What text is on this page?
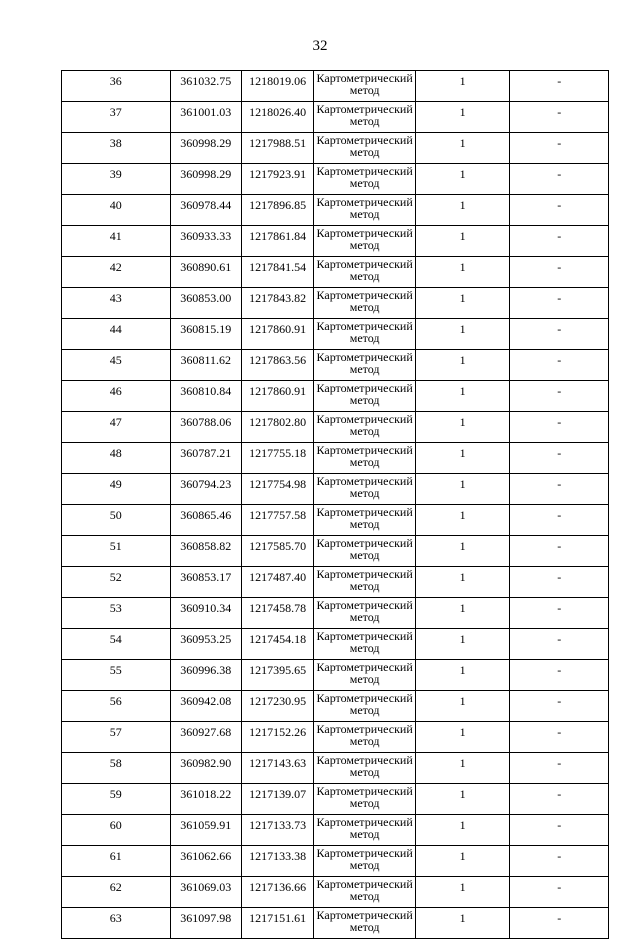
32
36	361032.75	1218019.06	Картометрический метод	1	-
37	361001.03	1218026.40	Картометрический метод	1	-
38	360998.29	1217988.51	Картометрический метод	1	-
39	360998.29	1217923.91	Картометрический метод	1	-
40	360978.44	1217896.85	Картометрический метод	1	-
41	360933.33	1217861.84	Картометрический метод	1	-
42	360890.61	1217841.54	Картометрический метод	1	-
43	360853.00	1217843.82	Картометрический метод	1	-
44	360815.19	1217860.91	Картометрический метод	1	-
45	360811.62	1217863.56	Картометрический метод	1	-
46	360810.84	1217860.91	Картометрический метод	1	-
47	360788.06	1217802.80	Картометрический метод	1	-
48	360787.21	1217755.18	Картометрический метод	1	-
49	360794.23	1217754.98	Картометрический метод	1	-
50	360865.46	1217757.58	Картометрический метод	1	-
51	360858.82	1217585.70	Картометрический метод	1	-
52	360853.17	1217487.40	Картометрический метод	1	-
53	360910.34	1217458.78	Картометрический метод	1	-
54	360953.25	1217454.18	Картометрический метод	1	-
55	360996.38	1217395.65	Картометрический метод	1	-
56	360942.08	1217230.95	Картометрический метод	1	-
57	360927.68	1217152.26	Картометрический метод	1	-
58	360982.90	1217143.63	Картометрический метод	1	-
59	361018.22	1217139.07	Картометрический метод	1	-
60	361059.91	1217133.73	Картометрический метод	1	-
61	361062.66	1217133.38	Картометрический метод	1	-
62	361069.03	1217136.66	Картометрический метод	1	-
63	361097.98	1217151.61	Картометрический метод	1	-
